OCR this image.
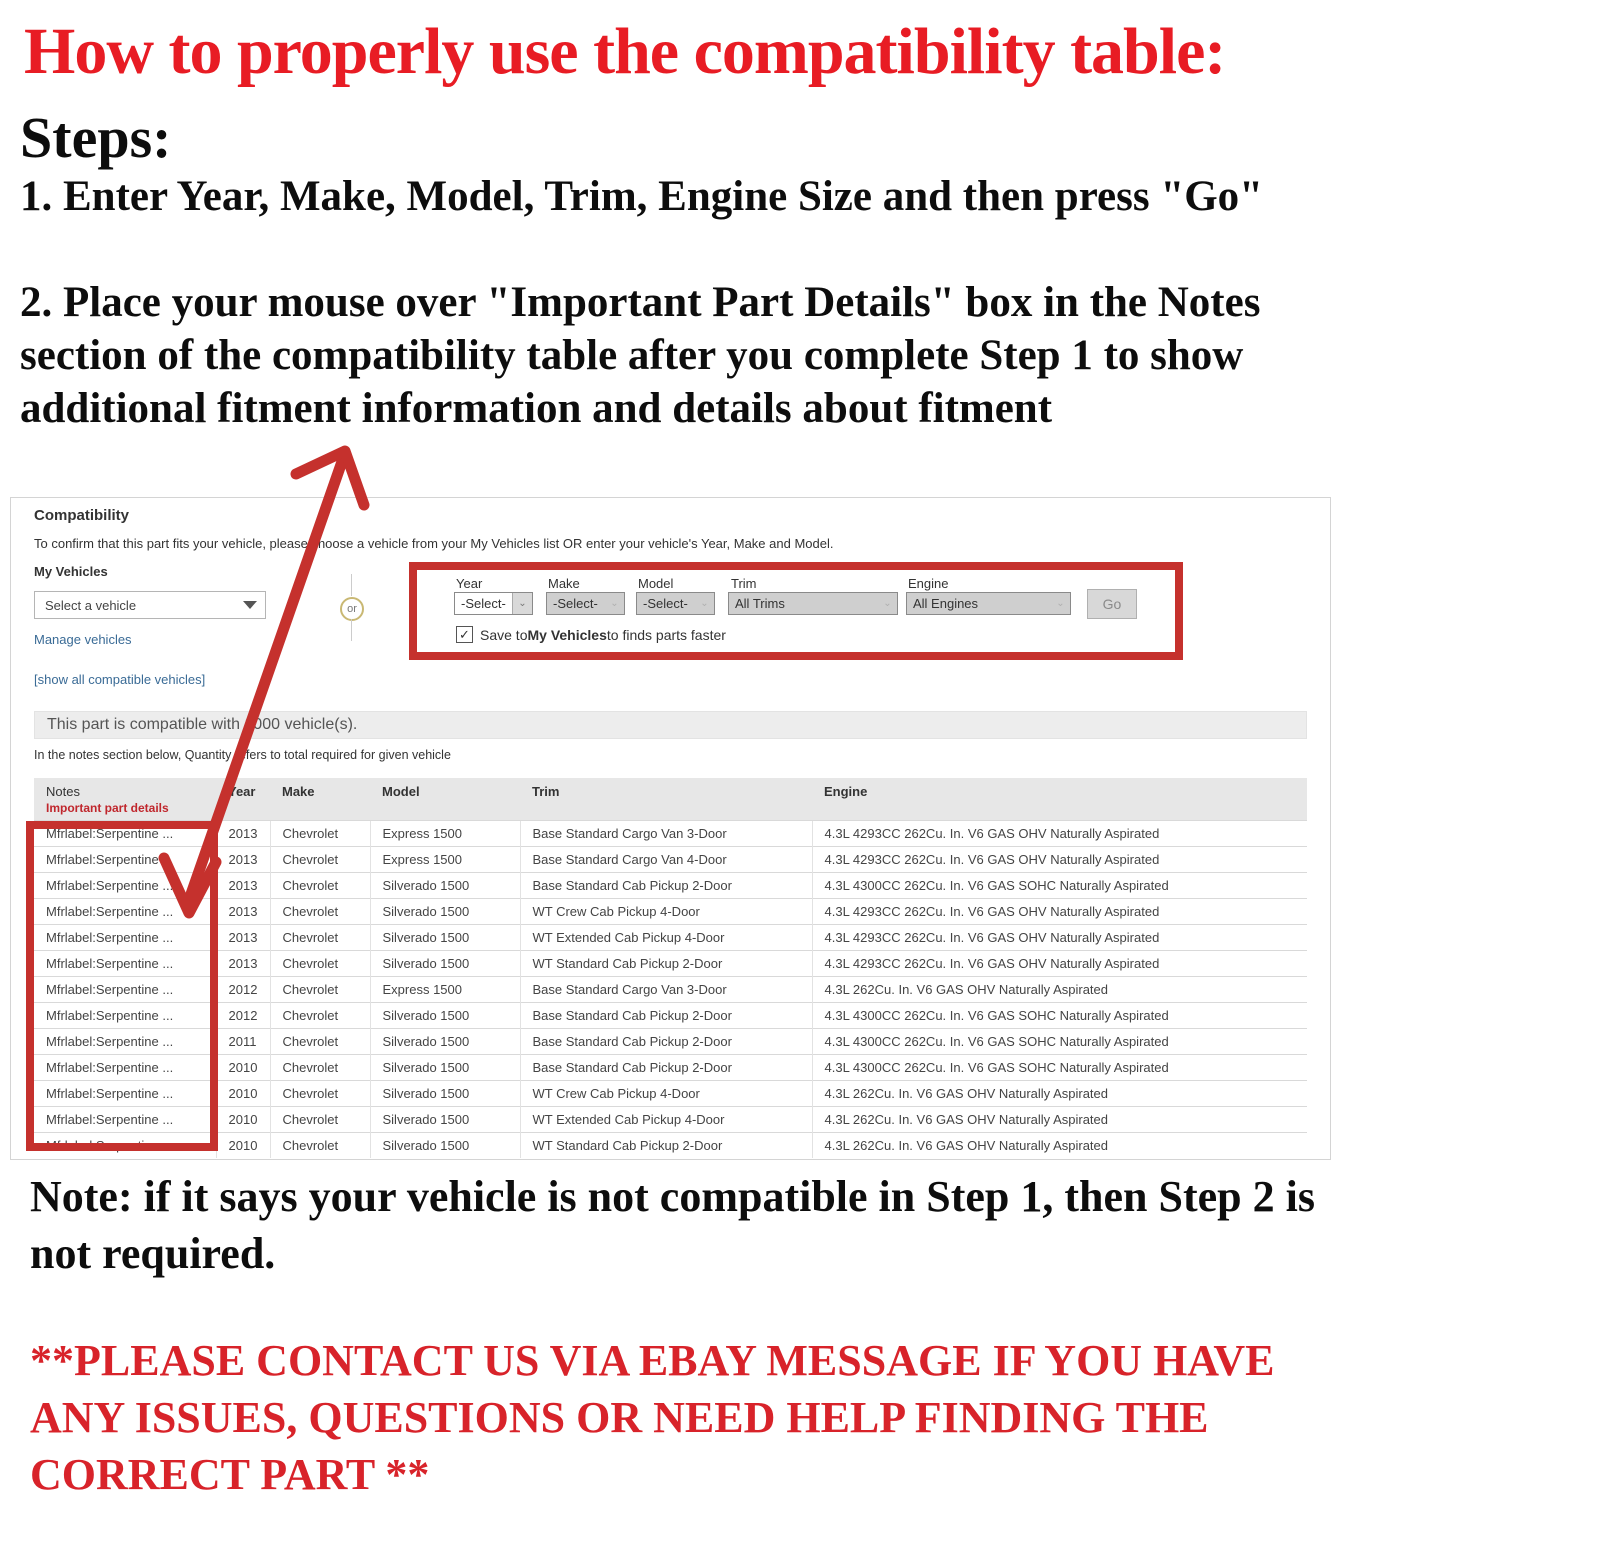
How to properly use the compatibility table:
Steps:
1. Enter Year, Make, Model, Trim, Engine Size and then press "Go"
2. Place your mouse over "Important Part Details" box in the Notes
section of the compatibility table after you complete Step 1 to show
additional fitment information and details about fitment
Compatibility
To confirm that this part fits your vehicle, please choose a vehicle from your My Vehicles list OR enter your vehicle's Year, Make and Model.
My Vehicles
Select a vehicle
Manage vehicles
[show all compatible vehicles]
or
Year	Make	Model	Trim	Engine
-Select-	⌄	-Select-	⌄	-Select-	⌄	All Trims	⌄	All Engines	⌄	Go
✓ Save to My Vehicles to finds parts faster
This part is compatible with 1000 vehicle(s).
In the notes section below, Quantity refers to total required for given vehicle
Notes
Important part details	Year	Make	Model	Trim	Engine
Mfrlabel:Serpentine ...	2013	Chevrolet	Express 1500	Base Standard Cargo Van 3-Door	4.3L 4293CC 262Cu. In. V6 GAS OHV Naturally Aspirated
Mfrlabel:Serpentine ...	2013	Chevrolet	Express 1500	Base Standard Cargo Van 4-Door	4.3L 4293CC 262Cu. In. V6 GAS OHV Naturally Aspirated
Mfrlabel:Serpentine ...	2013	Chevrolet	Silverado 1500	Base Standard Cab Pickup 2-Door	4.3L 4300CC 262Cu. In. V6 GAS SOHC Naturally Aspirated
Mfrlabel:Serpentine ...	2013	Chevrolet	Silverado 1500	WT Crew Cab Pickup 4-Door	4.3L 4293CC 262Cu. In. V6 GAS OHV Naturally Aspirated
Mfrlabel:Serpentine ...	2013	Chevrolet	Silverado 1500	WT Extended Cab Pickup 4-Door	4.3L 4293CC 262Cu. In. V6 GAS OHV Naturally Aspirated
Mfrlabel:Serpentine ...	2013	Chevrolet	Silverado 1500	WT Standard Cab Pickup 2-Door	4.3L 4293CC 262Cu. In. V6 GAS OHV Naturally Aspirated
Mfrlabel:Serpentine ...	2012	Chevrolet	Express 1500	Base Standard Cargo Van 3-Door	4.3L 262Cu. In. V6 GAS OHV Naturally Aspirated
Mfrlabel:Serpentine ...	2012	Chevrolet	Silverado 1500	Base Standard Cab Pickup 2-Door	4.3L 4300CC 262Cu. In. V6 GAS SOHC Naturally Aspirated
Mfrlabel:Serpentine ...	2011	Chevrolet	Silverado 1500	Base Standard Cab Pickup 2-Door	4.3L 4300CC 262Cu. In. V6 GAS SOHC Naturally Aspirated
Mfrlabel:Serpentine ...	2010	Chevrolet	Silverado 1500	Base Standard Cab Pickup 2-Door	4.3L 4300CC 262Cu. In. V6 GAS SOHC Naturally Aspirated
Mfrlabel:Serpentine ...	2010	Chevrolet	Silverado 1500	WT Crew Cab Pickup 4-Door	4.3L 262Cu. In. V6 GAS OHV Naturally Aspirated
Mfrlabel:Serpentine ...	2010	Chevrolet	Silverado 1500	WT Extended Cab Pickup 4-Door	4.3L 262Cu. In. V6 GAS OHV Naturally Aspirated
Mfrlabel:Serpentine ...	2010	Chevrolet	Silverado 1500	WT Standard Cab Pickup 2-Door	4.3L 262Cu. In. V6 GAS OHV Naturally Aspirated
Note: if it says your vehicle is not compatible in Step 1, then Step 2 is
not required.
**PLEASE CONTACT US VIA EBAY MESSAGE IF YOU HAVE
ANY ISSUES, QUESTIONS OR NEED HELP FINDING THE
CORRECT PART **
